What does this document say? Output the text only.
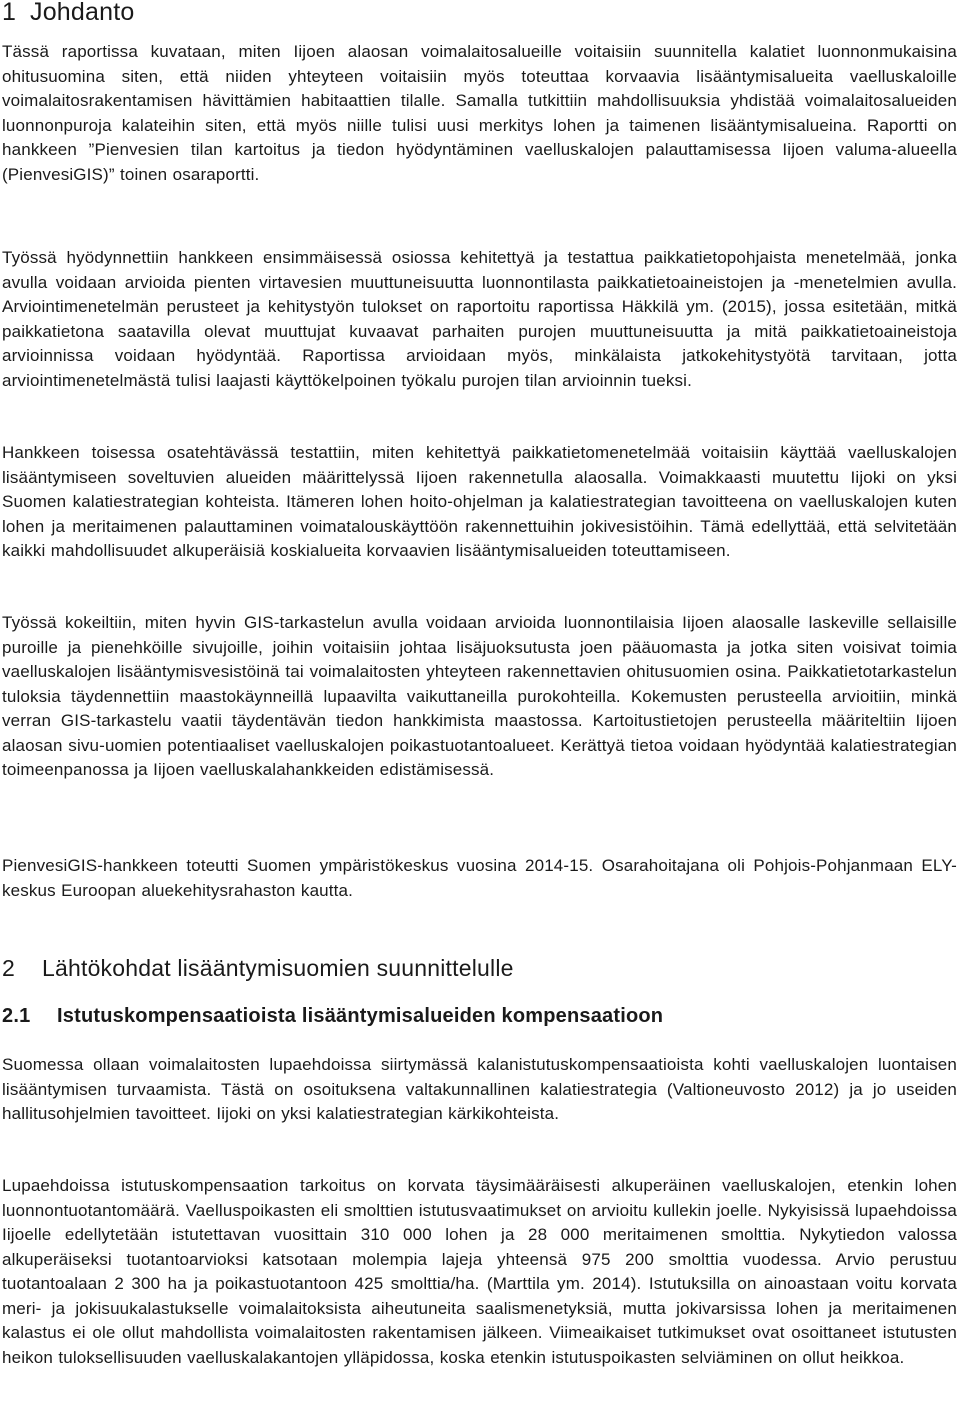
1 Johdanto

Tässä raportissa kuvataan, miten Iijoen alaosan voimalaitosalueille voitaisiin suunnitella kalatiet luonnonmukaisina ohitusuomina siten, että niiden yhteyteen voitaisiin myös toteuttaa korvaavia lisääntymisalueita vaelluskaloille voimalaitosrakentamisen hävittämien habitaattien tilalle. Samalla tutkittiin mahdollisuuksia yhdistää voimalaitosalueiden luonnonpuroja kalateihin siten, että myös niille tulisi uusi merkitys lohen ja taimenen lisääntymisalueina. Raportti on hankkeen ”Pienvesien tilan kartoitus ja tiedon hyödyntäminen vaelluskalojen palauttamisessa Iijoen valuma-alueella (PienvesiGIS)” toinen osaraportti.

Työssä hyödynnettiin hankkeen ensimmäisessä osiossa kehitettyä ja testattua paikkatietopohjaista menetelmää, jonka avulla voidaan arvioida pienten virtavesien muuttuneisuutta luonnontilasta paikkatietoaineistojen ja -menetelmien avulla. Arviointimenetelmän perusteet ja kehitystyön tulokset on raportoitu raportissa Häkkilä ym. (2015), jossa esitetään, mitkä paikkatietona saatavilla olevat muuttujat kuvaavat parhaiten purojen muuttuneisuutta ja mitä paikkatietoaineistoja arvioinnissa voidaan hyödyntää. Raportissa arvioidaan myös, minkälaista jatkokehitystyötä tarvitaan, jotta arviointimenetelmästä tulisi laajasti käyttökelpoinen työkalu purojen tilan arvioinnin tueksi.

Hankkeen toisessa osatehtävässä testattiin, miten kehitettyä paikkatietomenetelmää voitaisiin käyttää vaelluskalojen lisääntymiseen soveltuvien alueiden määrittelyssä Iijoen rakennetulla alaosalla. Voimakkaasti muutettu Iijoki on yksi Suomen kalatiestrategian kohteista. Itämeren lohen hoito-ohjelman ja kalatiestrategian tavoitteena on vaelluskalojen kuten lohen ja meritaimenen palauttaminen voimatalouskäyttöön rakennettuihin jokivesistöihin. Tämä edellyttää, että selvitetään kaikki mahdollisuudet alkuperäisiä koskialueita korvaavien lisääntymisalueiden toteuttamiseen.

Työssä kokeiltiin, miten hyvin GIS-tarkastelun avulla voidaan arvioida luonnontilaisia Iijoen alaosalle laskeville sellaisille puroille ja pienehköille sivujoille, joihin voitaisiin johtaa lisäjuoksutusta joen pääuomasta ja jotka siten voisivat toimia vaelluskalojen lisääntymisvesistöinä tai voimalaitosten yhteyteen rakennettavien ohitusuomien osina. Paikkatietotarkastelun tuloksia täydennettiin maastokäynneillä lupaavilta vaikuttaneilla purokohteilla. Kokemusten perusteella arvioitiin, minkä verran GIS-tarkastelu vaatii täydentävän tiedon hankkimista maastossa. Kartoitustietojen perusteella määriteltiin Iijoen alaosan sivu-uomien potentiaaliset vaelluskalojen poikastuotantoalueet. Kerättyä tietoa voidaan hyödyntää kalatiestrategian toimeenpanossa ja Iijoen vaelluskalahankkeiden edistämisessä.

PienvesiGIS-hankkeen toteutti Suomen ympäristökeskus vuosina 2014-15. Osarahoitajana oli Pohjois-Pohjanmaan ELY-keskus Euroopan aluekehitysrahaston kautta.

2 Lähtökohdat lisääntymisuomien suunnittelulle
2.1 Istutuskompensaatioista lisääntymisalueiden kompensaatioon

Suomessa ollaan voimalaitosten lupaehdoissa siirtymässä kalanistutuskompensaatioista kohti vaelluskalojen luontaisen lisääntymisen turvaamista. Tästä on osoituksena valtakunnallinen kalatiestrategia (Valtioneuvosto 2012) ja jo useiden hallitusohjelmien tavoitteet. Iijoki on yksi kalatiestrategian kärkikohteista.

Lupaehdoissa istutuskompensaation tarkoitus on korvata täysimääräisesti alkuperäinen vaelluskalojen, etenkin lohen luonnontuotantomäärä. Vaelluspoikasten eli smolttien istutusvaatimukset on arvioitu kullekin joelle. Nykyisissä lupaehdoissa Iijoelle edellytetään istutettavan vuosittain 310 000 lohen ja 28 000 meritaimenen smolttia. Nykytiedon valossa alkuperäiseksi tuotantoarvioksi katsotaan molempia lajeja yhteensä 975 200 smolttia vuodessa. Arvio perustuu tuotantoalaan 2 300 ha ja poikastuotantoon 425 smolttia/ha. (Marttila ym. 2014). Istutuksilla on ainoastaan voitu korvata meri- ja jokisuukalastukselle voimalaitoksista aiheutuneita saalismenetyksiä, mutta jokivarsissa lohen ja meritaimenen kalastus ei ole ollut mahdollista voimalaitosten rakentamisen jälkeen. Viimeaikaiset tutkimukset ovat osoittaneet istutusten heikon tuloksellisuuden vaelluskalakantojen ylläpidossa, koska etenkin istutuspoikasten selviäminen on ollut heikkoa.
